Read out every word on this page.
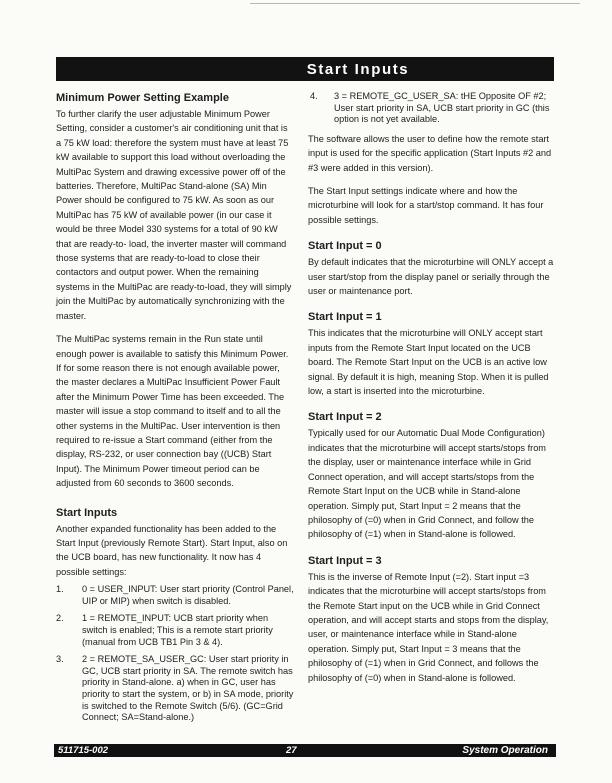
Start Inputs
Minimum Power Setting Example

To further clarify the user adjustable Minimum Power Setting, consider a customer's air conditioning unit that is a 75 kW load: therefore the system must have at least 75 kW available to support this load without overloading the MultiPac System and drawing excessive power off of the batteries. Therefore, MultiPac Stand-alone (SA) Min Power should be configured to 75 kW. As soon as our MultiPac has 75 kW of available power (in our case it would be three Model 330 systems for a total of 90 kW that are ready-to- load, the inverter master will command those systems that are ready-to-load to close their contactors and output power. When the remaining systems in the MultiPac are ready-to-load, they will simply join the MultiPac by automatically synchronizing with the master.

The MultiPac systems remain in the Run state until enough power is available to satisfy this Minimum Power. If for some reason there is not enough available power, the master declares a MultiPac Insufficient Power Fault after the Minimum Power Time has been exceeded. The master will issue a stop command to itself and to all the other systems in the MultiPac. User intervention is then required to re-issue a Start command (either from the display, RS-232, or user connection bay ((UCB) Start Input). The Minimum Power timeout period can be adjusted from 60 seconds to 3600 seconds.

Start Inputs

Another expanded functionality has been added to the Start Input (previously Remote Start). Start Input, also on the UCB board, has new functionality. It now has 4 possible settings:

1.	0 = USER_INPUT: User start priority (Control Panel, UIP or MIP) when switch is disabled.
2.	1 = REMOTE_INPUT: UCB start priority when switch is enabled; This is a remote start priority (manual from UCB TB1 Pin 3 & 4).
3.	2 = REMOTE_SA_USER_GC: User start priority in GC, UCB start priority in SA. The remote switch has priority in Stand-alone. a) when in GC, user has priority to start the system, or b) in SA mode, priority is switched to the Remote Switch (5/6). (GC=Grid Connect; SA=Stand-alone.)
4.	3 = REMOTE_GC_USER_SA: tHE Opposite OF #2; User start priority in SA, UCB start priority in GC (this option is not yet available.

The software allows the user to define how the remote start input is used for the specific application (Start Inputs #2 and #3 were added in this version).

The Start Input settings indicate where and how the microturbine will look for a start/stop command. It has four possible settings.

Start Input = 0

By default indicates that the microturbine will ONLY accept a user start/stop from the display panel or serially through the user or maintenance port.

Start Input = 1

This indicates that the microturbine will ONLY accept start inputs from the Remote Start Input located on the UCB board. The Remote Start Input on the UCB is an active low signal. By default it is high, meaning Stop. When it is pulled low, a start is inserted into the microturbine.

Start Input = 2

Typically used for our Automatic Dual Mode Configuration) indicates that the microturbine will accept starts/stops from the display, user or maintenance interface while in Grid Connect operation, and will accept starts/stops from the Remote Start Input on the UCB while in Stand-alone operation. Simply put, Start Input = 2 means that the philosophy of (=0) when in Grid Connect, and follow the philosophy of (=1) when in Stand-alone is followed.

Start Input = 3

This is the inverse of Remote Input (=2). Start input =3 indicates that the microturbine will accept starts/stops from the Remote Start input on the UCB while in Grid Connect operation, and will accept starts and stops from the display, user, or maintenance interface while in Stand-alone operation. Simply put, Start Input = 3 means that the philosophy of (=1) when in Grid Connect, and follows the philosophy of (=0) when in Stand-alone is followed.

511715-002	27	System Operation
